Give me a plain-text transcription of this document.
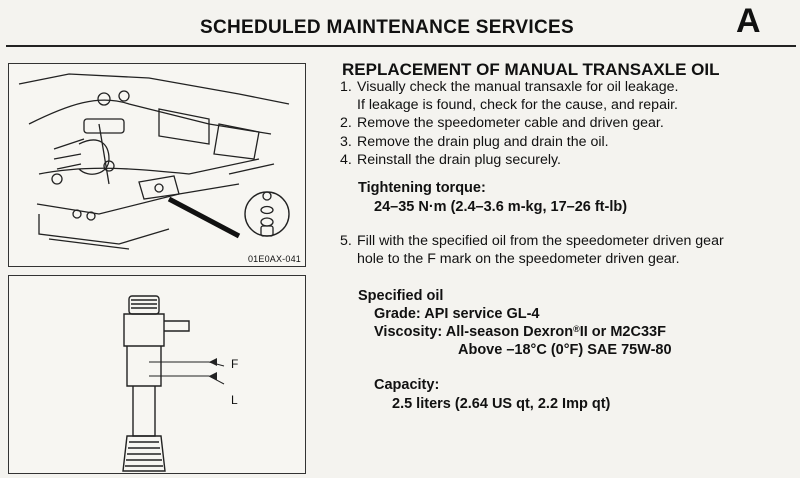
SCHEDULED MAINTENANCE SERVICES	A
01E0AX-041
F
L
REPLACEMENT OF MANUAL TRANSAXLE OIL
1. Visually check the manual transaxle for oil leakage.
If leakage is found, check for the cause, and repair.
2. Remove the speedometer cable and driven gear.
3. Remove the drain plug and drain the oil.
4. Reinstall the drain plug securely.
Tightening torque:
24–35 N·m (2.4–3.6 m-kg, 17–26 ft-lb)
5. Fill with the specified oil from the speedometer driven gear
hole to the F mark on the speedometer driven gear.
Specified oil
Grade: API service GL-4
Viscosity: All-season Dexron®II or M2C33F
Above –18°C (0°F) SAE 75W-80
Capacity:
2.5 liters (2.64 US qt, 2.2 Imp qt)
